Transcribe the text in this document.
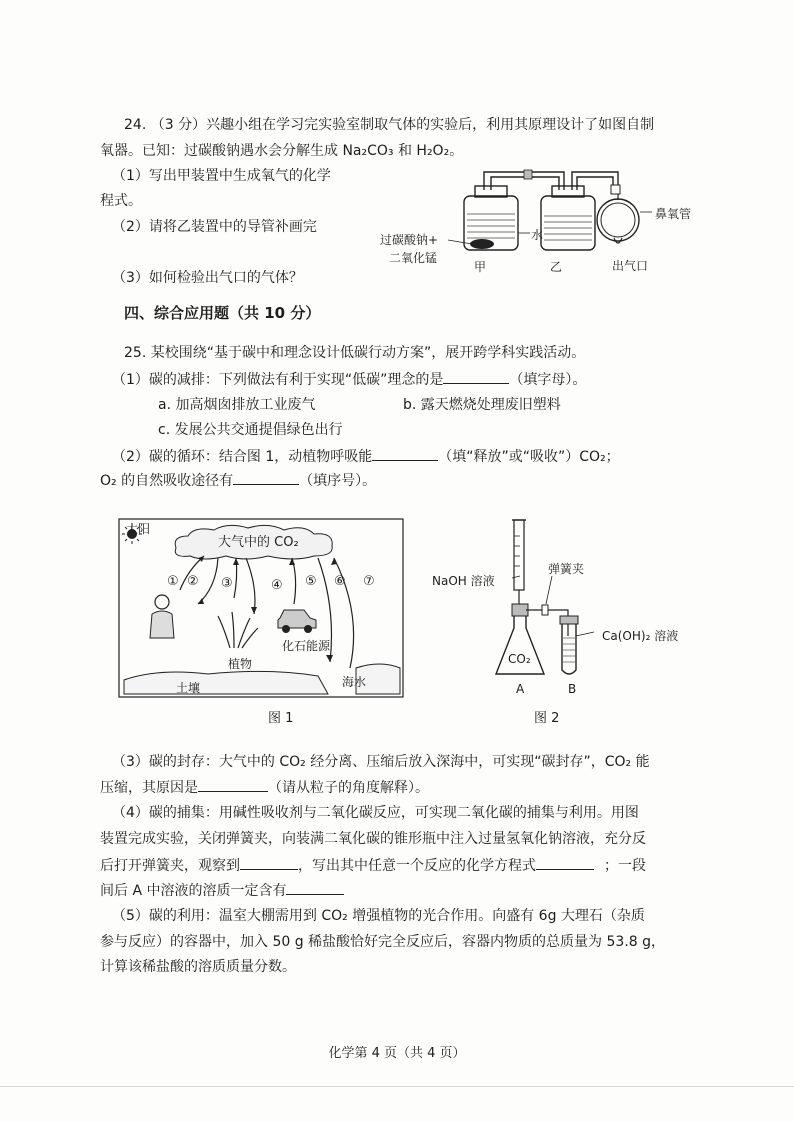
24. （3 分）兴趣小组在学习完实验室制取气体的实验后，利用其原理设计了如图自制
氧器。已知：过碳酸钠遇水会分解生成 Na₂CO₃ 和 H₂O₂。
（1）写出甲装置中生成氧气的化学
程式。
（2）请将乙装置中的导管补画完
（3）如何检验出气口的气体？
过碳酸钠+
二氧化锰
水
甲	乙
鼻氧管
出气口
四、综合应用题（共 10 分）
25. 某校围绕“基于碳中和理念设计低碳行动方案”，展开跨学科实践活动。
（1）碳的减排：下列做法有利于实现“低碳”理念的是	（填字母）。
a. 加高烟囱排放工业废气	b. 露天燃烧处理废旧塑料
c. 发展公共交通提倡绿色出行
（2）碳的循环：结合图 1，动植物呼吸能	（填“释放”或“吸收”）CO₂；
O₂ 的自然吸收途径有	（填序号）。
太阳
大气中的 CO₂
① ② ③	④ ⑤ ⑥ ⑦
植物
化石能源
土壤	海水
图 1
NaOH 溶液
弹簧夹
CO₂
Ca(OH)₂ 溶液
A	B
图 2
（3）碳的封存：大气中的 CO₂ 经分离、压缩后放入深海中，可实现“碳封存”，CO₂ 能
压缩，其原因是	（请从粒子的角度解释）。
（4）碳的捕集：用碱性吸收剂与二氧化碳反应，可实现二氧化碳的捕集与利用。用图
装置完成实验，关闭弹簧夹，向装满二氧化碳的锥形瓶中注入过量氢氧化钠溶液，充分反
后打开弹簧夹，观察到	，写出其中任意一个反应的化学方程式	；一段
间后 A 中溶液的溶质一定含有
（5）碳的利用：温室大棚需用到 CO₂ 增强植物的光合作用。向盛有 6g 大理石（杂质
参与反应）的容器中，加入 50 g 稀盐酸恰好完全反应后，容器内物质的总质量为 53.8 g，
计算该稀盐酸的溶质质量分数。
化学第 4 页（共 4 页）
